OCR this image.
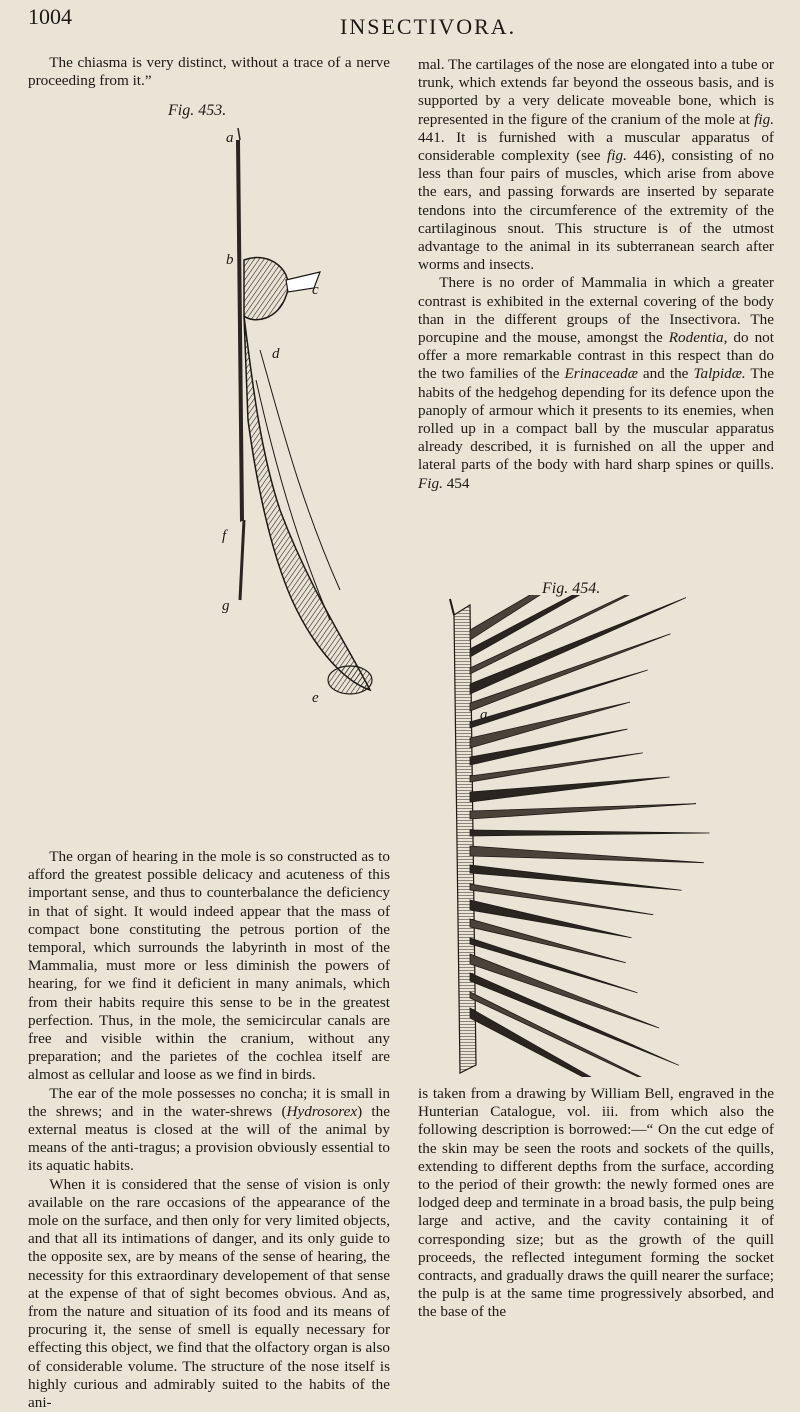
1004	INSECTIVORA.

The chiasma is very distinct, without a trace of a nerve proceeding from it.”

Fig. 453.
a
b
c
d
f
g
e

The organ of hearing in the mole is so constructed as to afford the greatest possible delicacy and acuteness of this important sense, and thus to counterbalance the deficiency in that of sight. It would indeed appear that the mass of compact bone constituting the petrous portion of the temporal, which surrounds the labyrinth in most of the Mammalia, must more or less diminish the powers of hearing, for we find it deficient in many animals, which from their habits require this sense to be in the greatest perfection. Thus, in the mole, the semicircular canals are free and visible within the cranium, without any preparation; and the parietes of the cochlea itself are almost as cellular and loose as we find in birds.

The ear of the mole possesses no concha; it is small in the shrews; and in the water-shrews (Hydrosorex) the external meatus is closed at the will of the animal by means of the anti-tragus; a provision obviously essential to its aquatic habits.

When it is considered that the sense of vision is only available on the rare occasions of the appearance of the mole on the surface, and then only for very limited objects, and that all its intimations of danger, and its only guide to the opposite sex, are by means of the sense of hearing, the necessity for this extraordinary developement of that sense at the expense of that of sight becomes obvious. And as, from the nature and situation of its food and its means of procuring it, the sense of smell is equally necessary for effecting this object, we find that the olfactory organ is also of considerable volume. The structure of the nose itself is highly curious and admirably suited to the habits of the ani-

mal. The cartilages of the nose are elongated into a tube or trunk, which extends far beyond the osseous basis, and is supported by a very delicate moveable bone, which is represented in the figure of the cranium of the mole at fig. 441. It is furnished with a muscular apparatus of considerable complexity (see fig. 446), consisting of no less than four pairs of muscles, which arise from above the ears, and passing forwards are inserted by separate tendons into the circumference of the extremity of the cartilaginous snout. This structure is of the utmost advantage to the animal in its subterranean search after worms and insects.

There is no order of Mammalia in which a greater contrast is exhibited in the external covering of the body than in the different groups of the Insectivora. The porcupine and the mouse, amongst the Rodentia, do not offer a more remarkable contrast in this respect than do the two families of the Erinaceadæ and the Talpidæ. The habits of the hedgehog depending for its defence upon the panoply of armour which it presents to its enemies, when rolled up in a compact ball by the muscular apparatus already described, it is furnished on all the upper and lateral parts of the body with hard sharp spines or quills. Fig. 454

Fig. 454.
a

is taken from a drawing by William Bell, engraved in the Hunterian Catalogue, vol. iii. from which also the following description is borrowed:—“ On the cut edge of the skin may be seen the roots and sockets of the quills, extending to different depths from the surface, according to the period of their growth: the newly formed ones are lodged deep and terminate in a broad basis, the pulp being large and active, and the cavity containing it of corresponding size; but as the growth of the quill proceeds, the reflected integument forming the socket contracts, and gradually draws the quill nearer the surface; the pulp is at the same time progressively absorbed, and the base of the
